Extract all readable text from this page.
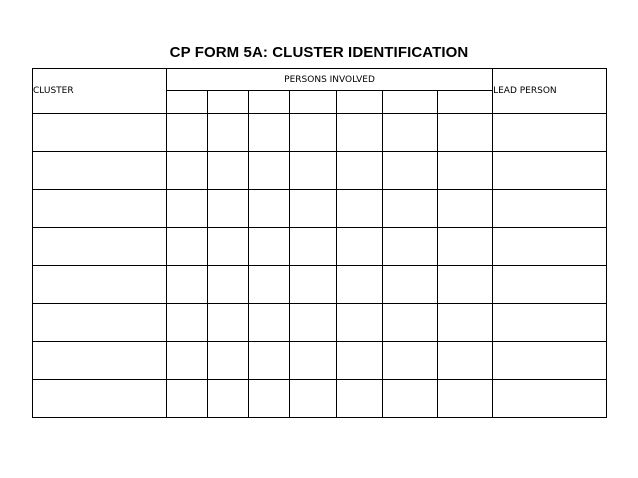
CP FORM 5A: CLUSTER IDENTIFICATION
CLUSTER	PERSONS INVOLVED							LEAD PERSON
